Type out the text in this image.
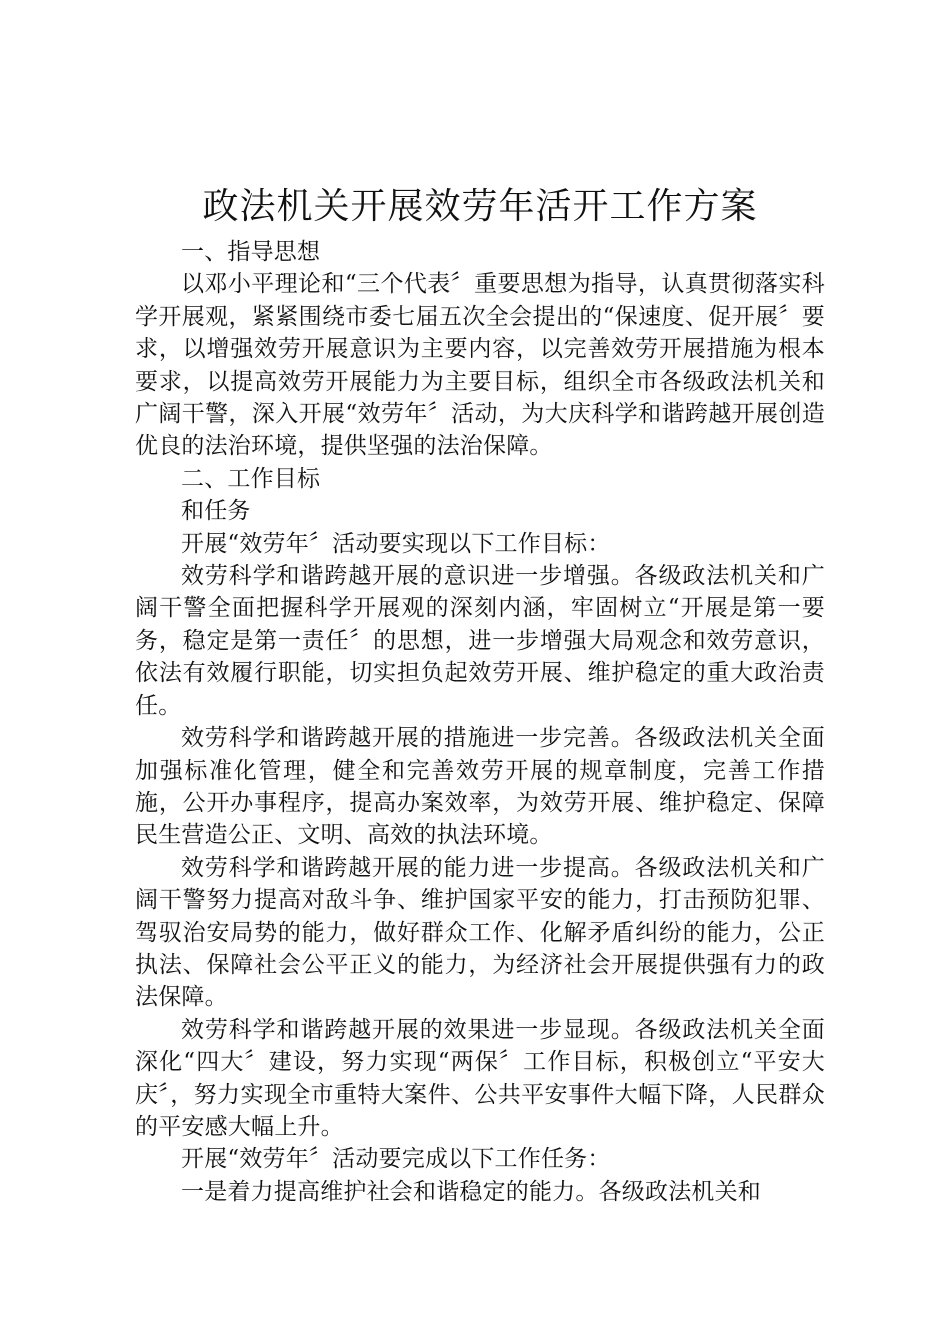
政法机关开展效劳年活开工作方案

一、指导思想

以邓小平理论和“三个代表〞重要思想为指导，认真贯彻落实科学开展观，紧紧围绕市委七届五次全会提出的“保速度、促开展〞要求，以增强效劳开展意识为主要内容，以完善效劳开展措施为根本要求，以提高效劳开展能力为主要目标，组织全市各级政法机关和广阔干警，深入开展“效劳年〞活动，为大庆科学和谐跨越开展创造优良的法治环境，提供坚强的法治保障。

二、工作目标

和任务

开展“效劳年〞活动要实现以下工作目标：

效劳科学和谐跨越开展的意识进一步增强。各级政法机关和广阔干警全面把握科学开展观的深刻内涵，牢固树立“开展是第一要务，稳定是第一责任〞的思想，进一步增强大局观念和效劳意识，依法有效履行职能，切实担负起效劳开展、维护稳定的重大政治责任。

效劳科学和谐跨越开展的措施进一步完善。各级政法机关全面加强标准化管理，健全和完善效劳开展的规章制度，完善工作措施，公开办事程序，提高办案效率，为效劳开展、维护稳定、保障民生营造公正、文明、高效的执法环境。

效劳科学和谐跨越开展的能力进一步提高。各级政法机关和广阔干警努力提高对敌斗争、维护国家平安的能力，打击预防犯罪、驾驭治安局势的能力，做好群众工作、化解矛盾纠纷的能力，公正执法、保障社会公平正义的能力，为经济社会开展提供强有力的政法保障。

效劳科学和谐跨越开展的效果进一步显现。各级政法机关全面深化“四大〞建设，努力实现“两保〞工作目标，积极创立“平安大庆〞，努力实现全市重特大案件、公共平安事件大幅下降，人民群众的平安感大幅上升。

开展“效劳年〞活动要完成以下工作任务：

一是着力提高维护社会和谐稳定的能力。各级政法机关和
